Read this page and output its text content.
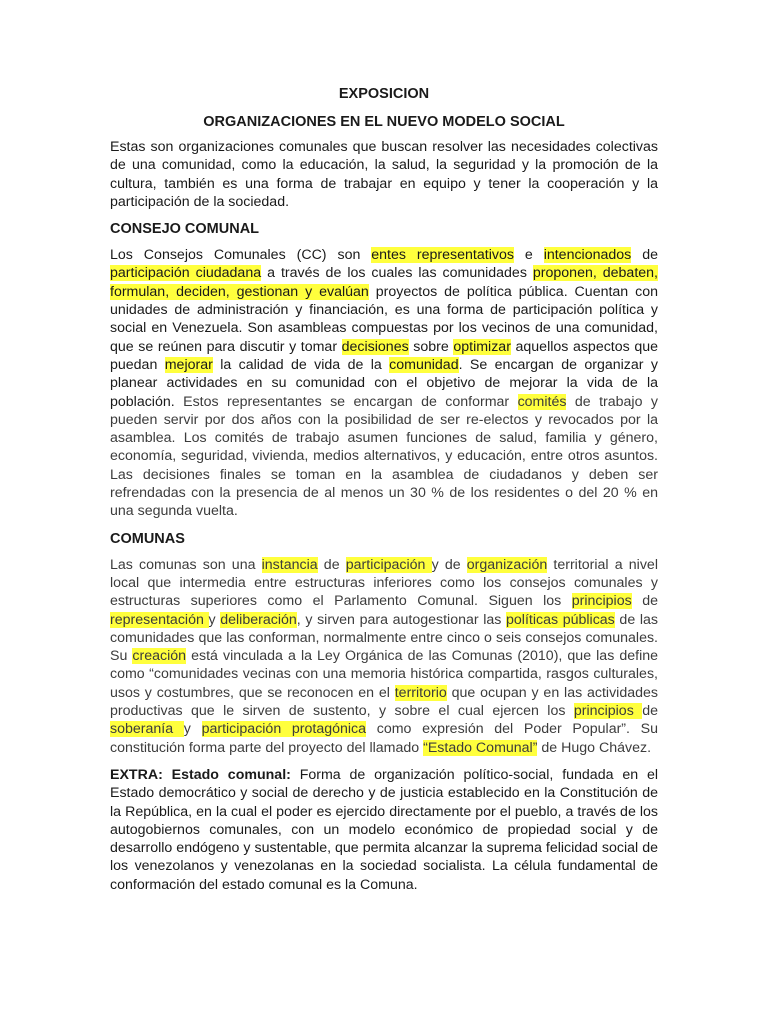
EXPOSICION

ORGANIZACIONES EN EL NUEVO MODELO SOCIAL

Estas son organizaciones comunales que buscan resolver las necesidades colectivas de una comunidad, como la educación, la salud, la seguridad y la promoción de la cultura, también es una forma de trabajar en equipo y tener la cooperación y la participación de la sociedad.

CONSEJO COMUNAL

Los Consejos Comunales (CC) son entes representativos e intencionados de participación ciudadana a través de los cuales las comunidades proponen, debaten, formulan, deciden, gestionan y evalúan proyectos de política pública. Cuentan con unidades de administración y financiación, es una forma de participación política y social en Venezuela. Son asambleas compuestas por los vecinos de una comunidad, que se reúnen para discutir y tomar decisiones sobre optimizar aquellos aspectos que puedan mejorar la calidad de vida de la comunidad. Se encargan de organizar y planear actividades en su comunidad con el objetivo de mejorar la vida de la población. Estos representantes se encargan de conformar comités de trabajo y pueden servir por dos años con la posibilidad de ser re-electos y revocados por la asamblea. Los comités de trabajo asumen funciones de salud, familia y género, economía, seguridad, vivienda, medios alternativos, y educación, entre otros asuntos. Las decisiones finales se toman en la asamblea de ciudadanos y deben ser refrendadas con la presencia de al menos un 30 % de los residentes o del 20 % en una segunda vuelta.

COMUNAS

Las comunas son una instancia de participación y de organización territorial a nivel local que intermedia entre estructuras inferiores como los consejos comunales y estructuras superiores como el Parlamento Comunal. Siguen los principios de representación y deliberación, y sirven para autogestionar las políticas públicas de las comunidades que las conforman, normalmente entre cinco o seis consejos comunales. Su creación está vinculada a la Ley Orgánica de las Comunas (2010), que las define como “comunidades vecinas con una memoria histórica compartida, rasgos culturales, usos y costumbres, que se reconocen en el territorio que ocupan y en las actividades productivas que le sirven de sustento, y sobre el cual ejercen los principios de soberanía y participación protagónica como expresión del Poder Popular”. Su constitución forma parte del proyecto del llamado “Estado Comunal” de Hugo Chávez.

EXTRA: Estado comunal: Forma de organización político-social, fundada en el Estado democrático y social de derecho y de justicia establecido en la Constitución de la República, en la cual el poder es ejercido directamente por el pueblo, a través de los autogobiernos comunales, con un modelo económico de propiedad social y de desarrollo endógeno y sustentable, que permita alcanzar la suprema felicidad social de los venezolanos y venezolanas en la sociedad socialista. La célula fundamental de conformación del estado comunal es la Comuna.
